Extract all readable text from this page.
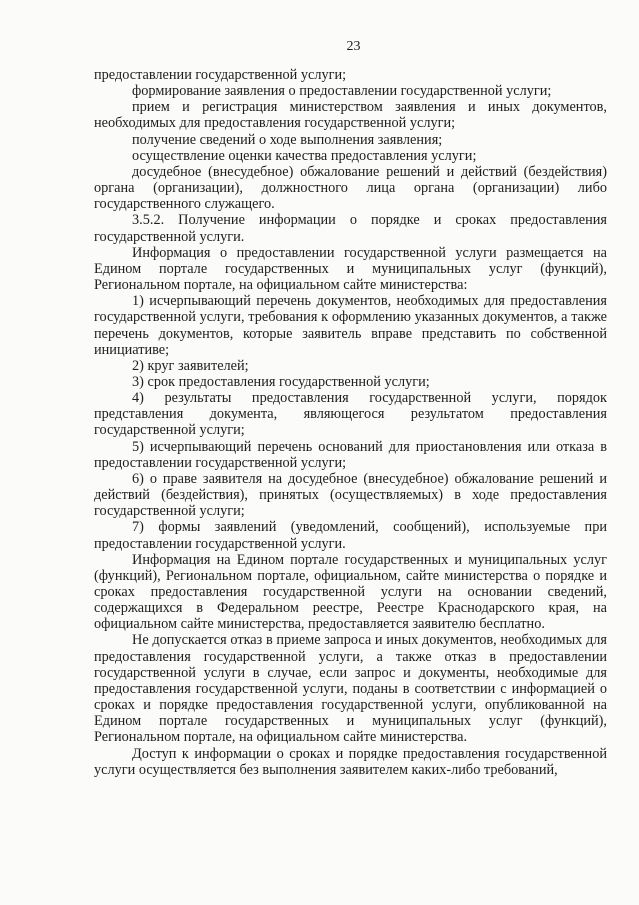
23

предоставлении государственной услуги;

формирование заявления о предоставлении государственной услуги;

прием и регистрация министерством заявления и иных документов, необходимых для предоставления государственной услуги;

получение сведений о ходе выполнения заявления;

осуществление оценки качества предоставления услуги;

досудебное (внесудебное) обжалование решений и действий (бездействия) органа (организации), должностного лица органа (организации) либо государственного служащего.

3.5.2. Получение информации о порядке и сроках предоставления государственной услуги.

Информация о предоставлении государственной услуги размещается на Едином портале государственных и муниципальных услуг (функций), Региональном портале, на официальном сайте министерства:

1) исчерпывающий перечень документов, необходимых для предоставления государственной услуги, требования к оформлению указанных документов, а также перечень документов, которые заявитель вправе представить по собственной инициативе;

2) круг заявителей;

3) срок предоставления государственной услуги;

4) результаты предоставления государственной услуги, порядок представления документа, являющегося результатом предоставления государственной услуги;

5) исчерпывающий перечень оснований для приостановления или отказа в предоставлении государственной услуги;

6) о праве заявителя на досудебное (внесудебное) обжалование решений и действий (бездействия), принятых (осуществляемых) в ходе предоставления государственной услуги;

7) формы заявлений (уведомлений, сообщений), используемые при предоставлении государственной услуги.

Информация на Едином портале государственных и муниципальных услуг (функций), Региональном портале, официальном, сайте министерства о порядке и сроках предоставления государственной услуги на основании сведений, содержащихся в Федеральном реестре, Реестре Краснодарского края, на официальном сайте министерства, предоставляется заявителю бесплатно.

Не допускается отказ в приеме запроса и иных документов, необходимых для предоставления государственной услуги, а также отказ в предоставлении государственной услуги в случае, если запрос и документы, необходимые для предоставления государственной услуги, поданы в соответствии с информацией о сроках и порядке предоставления государственной услуги, опубликованной на Едином портале государственных и муниципальных услуг (функций), Региональном портале, на официальном сайте министерства.

Доступ к информации о сроках и порядке предоставления государственной услуги осуществляется без выполнения заявителем каких-либо требований,
